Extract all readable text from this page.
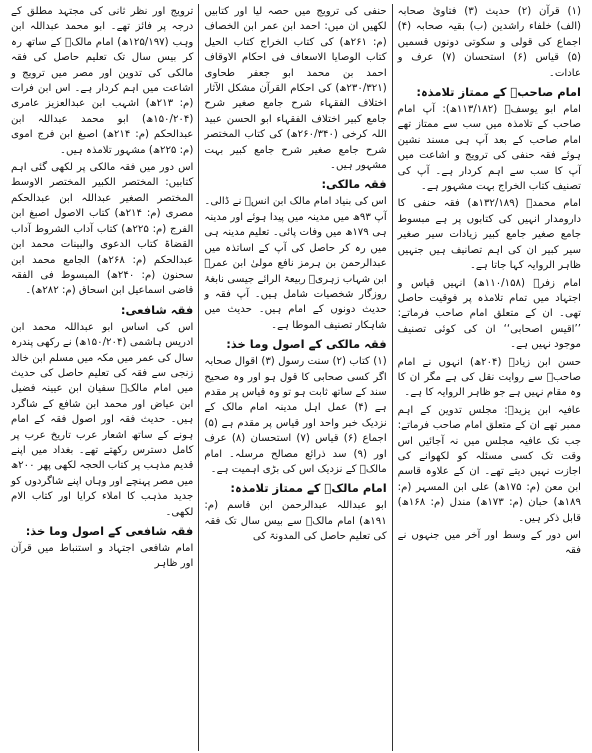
(۱) قرآن (۲) حدیث (۳) فتاویٰ صحابہ (الف) خلفاء راشدین (ب) بقیہ صحابہ (۴) اجماع کی قولی و سکوتی دونوں قسمیں (۵) قیاس (۶) استحسان (۷) عرف و عادات۔
امام صاحبؒ کے ممتاز تلامذہ:
امام ابو یوسفؒ (۱۱۳/۱۸۲ھ): آپ امام صاحب کے تلامذہ میں سب سے ممتاز تھے امام صاحب کے بعد آپ ہی مسند نشین ہوئے فقہ حنفی کی ترویج و اشاعت میں آپ کا سب سے اہم کردار ہے۔ آپ کی تصنیف کتاب الخراج بہت مشہور ہے۔
امام محمدؒ (۱۳۲/۱۸۹ھ) فقہ حنفی کا دارومدار انہیں کی کتابوں پر ہے مبسوط جامع صغیر جامع کبیر زیادات سیر صغیر سیر کبیر ان کی اہم تصانیف ہیں جنہیں ظاہر الروایہ کہا جاتا ہے۔
امام زفرؒ (۱۱۰/۱۵۸ھ) انہیں قیاس و اجتہاد میں تمام تلامذہ پر فوقیت حاصل تھی۔ ان کے متعلق امام صاحب فرماتے: ’’اقیس اصحابی‘‘ ان کی کوئی تصنیف موجود نہیں ہے۔
حسن ابن زیادؒ (۲۰۴ھ) انہوں نے امام صاحبؒ سے روایت نقل کی ہے مگر ان کا وہ مقام نہیں ہے جو ظاہر الروایہ کا ہے۔
عافیہ ابن یزیدؒ: مجلس تدوین کے اہم ممبر تھے ان کے متعلق امام صاحب فرماتے: جب تک عافیہ مجلس میں نہ آجائیں اس وقت تک کسی مسئلہ کو لکھوانے کی اجازت نہیں دیتے تھے۔ ان کے علاوہ قاسم ابن معن (م: ۱۷۵ھ) علی ابن المسہر (م: ۱۸۹ھ) حبان (م: ۱۷۳ھ) مندل (م: ۱۶۸ھ) قابل ذکر ہیں۔
اس دور کے وسط اور آخر میں جنہوں نے فقہ
حنفی کی ترویج میں حصہ لیا اور کتابیں لکھیں ان میں: احمد ابن عمر ابن الخصاف (م: ۲۶۱ھ) کی کتاب الخراج کتاب الحیل کتاب الوصایا الاسعاف فی احکام الاوقاف احمد بن محمد ابو جعفر طحاوی (۲۳۰/۳۲۱ھ) کی احکام القرآن مشکل الآثار اختلاف الفقہاء شرح جامع صغیر شرح جامع کبیر اختلاف الفقہاء ابو الحسن عبید اللہ کرخی (۲۶۰/۳۴۰ھ) کی کتاب المختصر شرح جامع صغیر شرح جامع کبیر بہت مشہور ہیں۔
فقہ مالکی:
اس کی بنیاد امام مالک ابن انسؒ نے ڈالی۔ آپ ۹۳ھ میں مدینہ میں پیدا ہوئے اور مدینہ ہی ۱۷۹ھ میں وفات پائی۔ تعلیم مدینہ ہی میں رہ کر حاصل کی آپ کے اساتذہ میں عبدالرحمن بن ہرمز نافع مولیٰ ابن عمرؓ ابن شہاب زہریؒ ربیعۃ الرائے جیسی نابغۂ روزگار شخصیات شامل ہیں۔ آپ فقہ و حدیث دونوں کے امام ہیں۔ حدیث میں شاہکار تصنیف الموطا ہے۔
فقہ مالکی کے اصول وما خذ:
(۱) کتاب (۲) سنت رسول (۳) اقوال صحابہ اگر کسی صحابی کا قول ہو اور وہ صحیح سند کے ساتھ ثابت ہو تو وہ قیاس پر مقدم ہے (۴) عمل اہل مدینہ امام مالک کے نزدیک خبر واحد اور قیاس پر مقدم ہے (۵) اجماع (۶) قیاس (۷) استحسان (۸) عرف اور (۹) سد ذرائع مصالح مرسلہ۔ امام مالکؒ کے نزدیک اس کی بڑی اہمیت ہے۔
امام مالکؒ کے ممتاز تلامذہ:
ابو عبداللہ عبدالرحمن ابن قاسم (م: ۱۹۱ھ) امام مالکؒ سے بیس سال تک فقہ کی تعلیم حاصل کی المدونۃ کی
ترویج اور نظر ثانی کی مجتہد مطلق کے درجہ پر فائز تھے۔ ابو محمد عبداللہ ابن وہب (۱۲۵/۱۹۷ھ) امام مالکؒ کے ساتھ رہ کر بیس سال تک تعلیم حاصل کی فقہ مالکی کی تدوین اور مصر میں ترویج و اشاعت میں اہم کردار ہے۔ اس ابن فرات (م: ۲۱۳ھ) اشہب ابن عبدالعزیز عامری (۱۵۰/۲۰۴ھ) ابو محمد عبداللہ ابن عبدالحکم (م: ۲۱۴ھ) اصبغ ابن فرج اموی (م: ۲۲۵ھ) مشہور تلامذہ ہیں۔
اس دور میں فقہ مالکی پر لکھی گئی اہم کتابیں: المختصر الکبیر المختصر الاوسط المختصر الصغیر عبداللہ ابن عبدالحکم مصری (م: ۲۱۴ھ) کتاب الاصول اصبغ ابن الفرج (م: ۲۲۵ھ) کتاب آداب الشروط آداب القضاۃ کتاب الدعوی والبینات محمد ابن عبدالحکم (م: ۲۶۸ھ) الجامع محمد ابن سحنون (م: ۲۴۰ھ) المبسوط فی الفقہ قاضی اسماعیل ابن اسحاق (م: ۲۸۲ھ)۔
فقہ شافعی:
اس کی اساس ابو عبداللہ محمد ابن ادریس ہاشمی (۱۵۰/۲۰۴ھ) نے رکھی پندرہ سال کی عمر میں مکہ میں مسلم ابن خالد زنجی سے فقہ کی تعلیم حاصل کی حدیث میں امام مالکؒ سفیان ابن عیینہ فضیل ابن عیاض اور محمد ابن شافع کے شاگرد ہیں۔ حدیث فقہ اور اصول فقہ کے امام ہونے کے ساتھ اشعار عرب تاریخ عرب پر کامل دسترس رکھتے تھے۔ بغداد میں اپنے قدیم مذہب پر کتاب الحجہ لکھی پھر ۲۰۰ھ میں مصر پہنچے اور وہاں اپنے شاگردوں کو جدید مذہب کا املاء کرایا اور کتاب الام لکھی۔
فقہ شافعی کے اصول وما خذ:
امام شافعی اجتہاد و استنباط میں قرآن اور ظاہر
